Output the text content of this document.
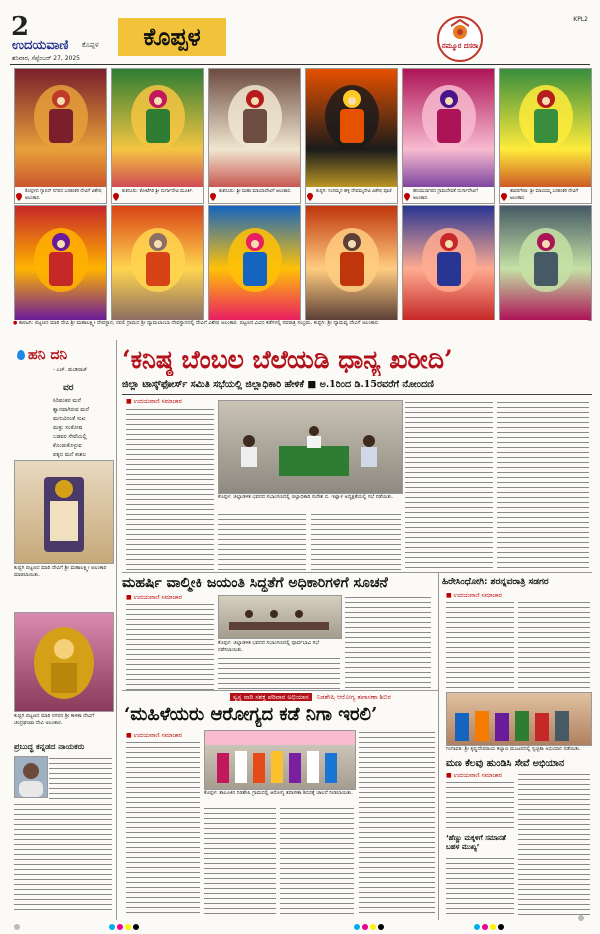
2
ಉದಯವಾಣಿ ಕೊಪ್ಪಳ
ಶನಿವಾರ, ಸೆಪ್ಟೆಂಬರ್ 27, 2025
ಕೊಪ್ಪಳ	ನಮ್ಮೂರ ದಸರಾ
KPL2
ಕೊಪ್ಪಳದ ಗ್ಯಾಲಿಸ್ ನಗರದ ಬನಶಂಕರಿ ದೇವಿಗೆ ವಿಶೇಷ ಅಲಂಕಾರ.
ಕುಕನೂರು: ಕೋಟೆಗಿರಿ ಶ್ರೀ ದುರ್ಗಾದೇವಿ ಮೂರ್ತಿ.	ಕುಕನೂರು: ಶ್ರೀ ಮಹಾ ಮಾಯಾದೇವಿಗೆ ಅಲಂಕಾರ.	ಕುಷ್ಟಗಿ: ನಿಂಗಮ್ಮನ ಹಳ್ಳಿ ದೇವಮ್ಮದೇವಿ ವಿಶೇಷ ಪೂಜೆ	ಹನುಮಸಾಗರದ ಗ್ರಾಮದೇವತೆ ದುರ್ಗಾದೇವಿಗೆ ಅಲಂಕಾರ.
ತಾವರಗೇರಾ: ಶ್ರೀ ಮಾಯಮ್ಮ ಬನಶಂಕರಿ ದೇವಿಗೆ ಅಲಂಕಾರ.
● ಕಾರಟಗಿ: ಪಟ್ಟಣದ ಮಾರಿ ದೇವಿ ಶ್ರೀ ಮಹಾಲಕ್ಷ್ಮೀ ದೇವಸ್ಥಾನ, ನವಲಿ ಗ್ರಾಮದ ಶ್ರೀ ದ್ಯಾಮಲಾಂಬಾ ದೇವಸ್ಥಾನದಲ್ಲಿ ದೇವಿಗೆ ವಿಶೇಷ ಅಲಂಕಾರ. ಪಟ್ಟಣದ ವಿವಿಧ ಕಡೆಗಳಲ್ಲಿ ನವರಾತ್ರಿ ಸಂಭ್ರಮ. ಕುಷ್ಟಗಿ: ಶ್ರೀ ದ್ಯಾಮವ್ವ ದೇವಿಗೆ ಅಲಂಕಾರ.
ಹನಿ ದನಿ
- ಎಚ್. ಡುಂಡಿರಾಜ್
ವರ
ಸಿರಿವಂತರ ಮನೆ
ಶ್ವಾನವಾಗಿರುವ ಮನೆ
ಮಗುವಿನಂತೆ ಸುಖ
ಮತ್ತು ಸಂತೋಷ
ಬಡವರ ಸೇವೆಯಲ್ಲಿ
ಕೊಂಡುಕೊಳ್ಳುವ
ಪಕ್ಕದ ಮನೆ ಕುಶಲ
ಕುಷ್ಟಗಿ ಪಟ್ಟಣದ ಮಾರಿ ದೇವಿಗೆ ಶ್ರೀ ಮಹಾಲಕ್ಷ್ಮೀ ಅಲಂಕಾರ ಮಾಡಲಾಯಿತು.
ಕುಷ್ಟಗಿ ಪಟ್ಟಣದ ಮಾರಿ ನಗರದ ಶ್ರೀ ಕಾಳಿಕಾ ದೇವಿಗೆ ಚಂದ್ರಘಂಟಾ ದೇವಿ ಅಲಂಕಾರ.
ಪ್ರಬುದ್ಧ ಕನ್ನಡದ ನಾಯಕರು
‘ಕನಿಷ್ಠ ಬೆಂಬಲ ಬೆಲೆಯಡಿ ಧಾನ್ಯ ಖರೀದಿ’
ಜಿಲ್ಲಾ ಟಾಸ್ಕ್‌ಫೋರ್ಸ್ ಸಮಿತಿ ಸಭೆಯಲ್ಲಿ ಜಿಲ್ಲಾಧಿಕಾರಿ ಹೇಳಿಕೆ ■ ಅ.1ರಿಂದ ಡಿ.15ರವರೆಗೆ ನೋಂದಣಿ
■ ಉದಯವಾಣಿ ಸಮಾಚಾರ
ಕೊಪ್ಪಳ: ಜಿಲ್ಲಾಡಳಿತ ಭವನದ ಸಭಾಂಗಣದಲ್ಲಿ ಜಿಲ್ಲಾಧಿಕಾರಿ ಸುರೇಶ ಬಿ. ಇಟ್ನಾಳ ಅಧ್ಯಕ್ಷತೆಯಲ್ಲಿ ಸಭೆ ನಡೆಯಿತು.
ಮಹರ್ಷಿ ವಾಲ್ಮೀಕಿ ಜಯಂತಿ ಸಿದ್ಧತೆಗೆ ಅಧಿಕಾರಿಗಳಿಗೆ ಸೂಚನೆ
■ ಉದಯವಾಣಿ ಸಮಾಚಾರ
ಕೊಪ್ಪಳ: ಜಿಲ್ಲಾಡಳಿತ ಭವನದ ಸಭಾಂಗಣದಲ್ಲಿ ಪೂರ್ವಭಾವಿ ಸಭೆ ನಡೆಸಲಾಯಿತು.
ಹಿರೇಸಿಂಧೋಗಿ: ಶರನ್ನವರಾತ್ರಿ ಸಡಗರ
■ ಉದಯವಾಣಿ ಸಮಾಚಾರ
ಗಂಗಾವತಿ: ಶ್ರೀ ಕೃಷ್ಣದೇವರಾಯ ಕಲ್ಯಾಣ ಮಂಟಪದಲ್ಲಿ ಸ್ವಚ್ಛತಾ ಅಭಿಯಾನ ನಡೆಯಿತು.
ಸ್ವಸ್ಥ ನಾರಿ ಸಶಕ್ತ ಪರಿವಾರ ಅಭಿಯಾನ ನಿಡಶೇಷಿ ಆರೋಗ್ಯ ತಪಾಸಣಾ ಶಿಬಿರ
‘ಮಹಿಳೆಯರು ಆರೋಗ್ಯದ ಕಡೆ ನಿಗಾ ಇರಲಿ’
■ ಉದಯವಾಣಿ ಸಮಾಚಾರ
ಕೊಪ್ಪಳ: ತಾಲೂಕಿನ ನಿಡಶೇಷಿ ಗ್ರಾಮದಲ್ಲಿ ಆರೋಗ್ಯ ತಪಾಸಣಾ ಶಿಬಿರಕ್ಕೆ ಚಾಲನೆ ನೀಡಲಾಯಿತು.
ಮಣ ಕೆಲವು ಹುಂಡಿಸಿ ಸೇವೆ ಅಭಿಯಾನ
■ ಉದಯವಾಣಿ ಸಮಾಚಾರ
‘ಹೆಣ್ಣು ಮಕ್ಕಳಿಗೆ ಸಮಾನತೆ ಬಹಳ ಮುಖ್ಯ’
